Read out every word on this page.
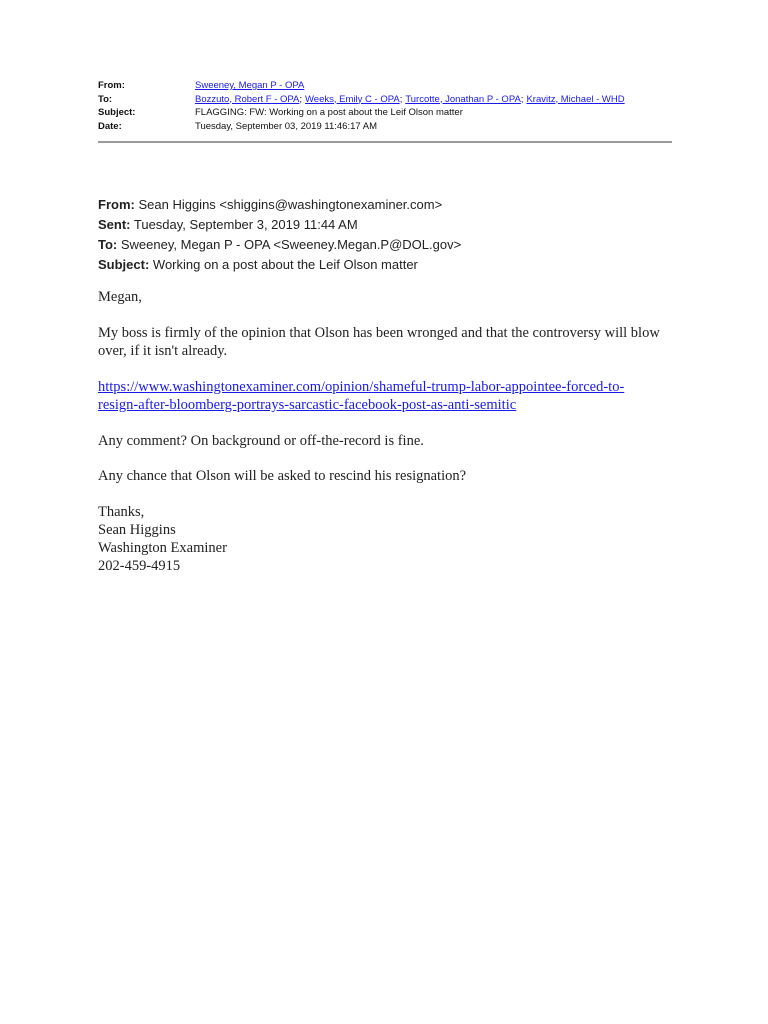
From:	Sweeney, Megan P - OPA
To:	Bozzuto, Robert F - OPA; Weeks, Emily C - OPA; Turcotte, Jonathan P - OPA; Kravitz, Michael - WHD
Subject:	FLAGGING: FW: Working on a post about the Leif Olson matter
Date:	Tuesday, September 03, 2019 11:46:17 AM
From: Sean Higgins <shiggins@washingtonexaminer.com>
Sent: Tuesday, September 3, 2019 11:44 AM
To: Sweeney, Megan P - OPA <Sweeney.Megan.P@DOL.gov>
Subject: Working on a post about the Leif Olson matter

Megan,

My boss is firmly of the opinion that Olson has been wronged and that the controversy will blow over, if it isn't already.

https://www.washingtonexaminer.com/opinion/shameful-trump-labor-appointee-forced-to-
resign-after-bloomberg-portrays-sarcastic-facebook-post-as-anti-semitic

Any comment? On background or off-the-record is fine.

Any chance that Olson will be asked to rescind his resignation?

Thanks,
Sean Higgins
Washington Examiner
202-459-4915
